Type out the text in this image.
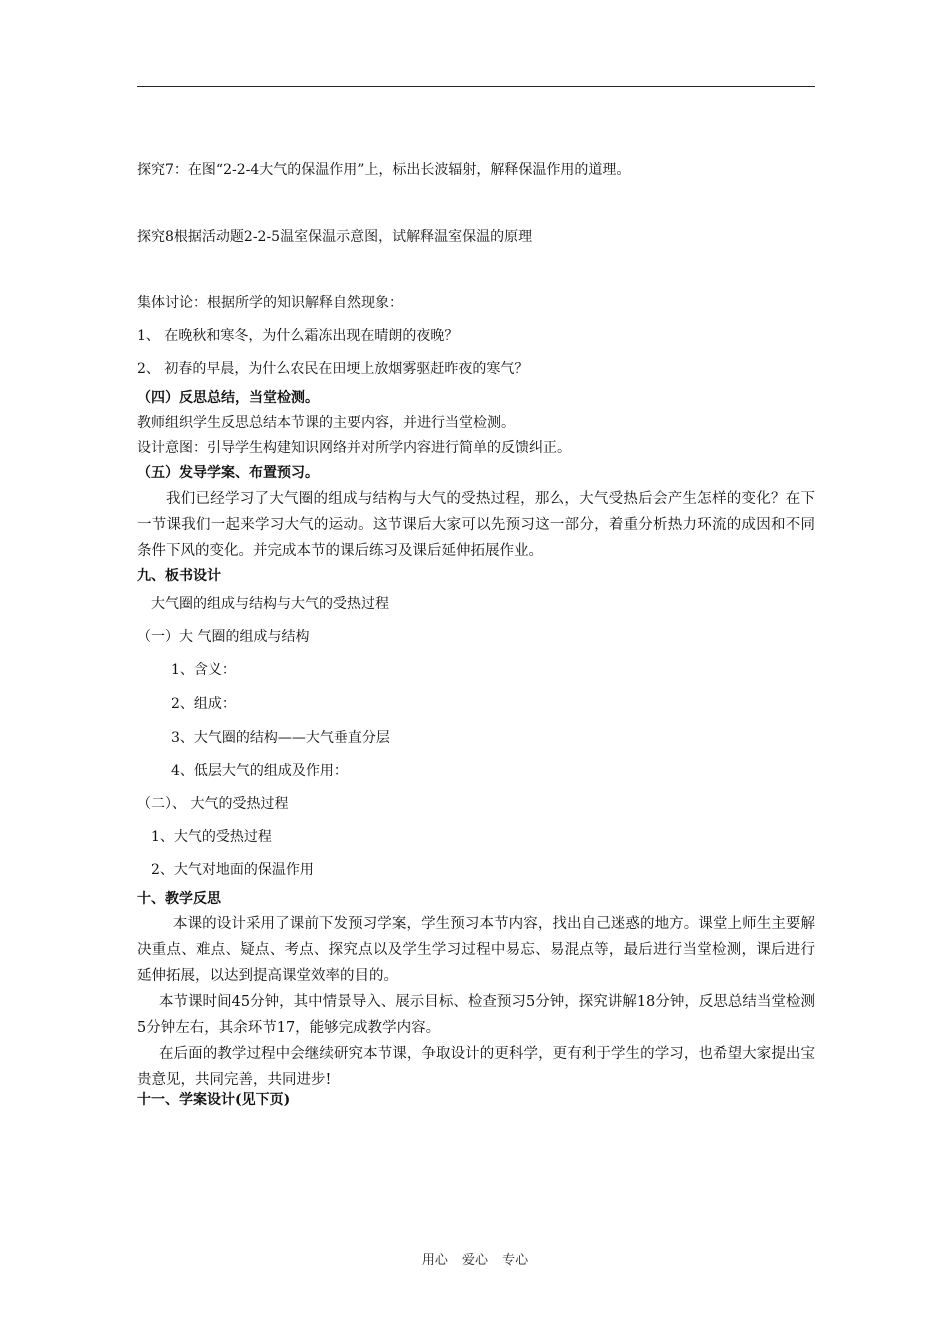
探究7：在图“2-2-4大气的保温作用”上，标出长波辐射，解释保温作用的道理。
探究8根据活动题2-2-5温室保温示意图，试解释温室保温的原理
集体讨论：根据所学的知识解释自然现象：
1、 在晚秋和寒冬，为什么霜冻出现在晴朗的夜晚？
2、 初春的早晨，为什么农民在田埂上放烟雾驱赶昨夜的寒气？
（四）反思总结，当堂检测。
教师组织学生反思总结本节课的主要内容，并进行当堂检测。
设计意图：引导学生构建知识网络并对所学内容进行简单的反馈纠正。
（五）发导学案、布置预习。
我们已经学习了大气圈的组成与结构与大气的受热过程，那么，大气受热后会产生怎样的变化？在下一节课我们一起来学习大气的运动。这节课后大家可以先预习这一部分，着重分析热力环流的成因和不同条件下风的变化。并完成本节的课后练习及课后延伸拓展作业。
九、板书设计
大气圈的组成与结构与大气的受热过程
（一）大 气圈的组成与结构
1、含义：
2、组成：
3、大气圈的结构——大气垂直分层
4、低层大气的组成及作用：
（二）、 大气的受热过程
1、大气的受热过程
2、大气对地面的保温作用
十、教学反思
本课的设计采用了课前下发预习学案，学生预习本节内容，找出自己迷惑的地方。课堂上师生主要解决重点、难点、疑点、考点、探究点以及学生学习过程中易忘、易混点等，最后进行当堂检测，课后进行延伸拓展，以达到提高课堂效率的目的。
本节课时间45分钟，其中情景导入、展示目标、检查预习5分钟，探究讲解18分钟，反思总结当堂检测5分钟左右，其余环节17，能够完成教学内容。
在后面的教学过程中会继续研究本节课，争取设计的更科学，更有利于学生的学习，也希望大家提出宝贵意见，共同完善，共同进步!
十一、学案设计(见下页)
用心 爱心 专心
